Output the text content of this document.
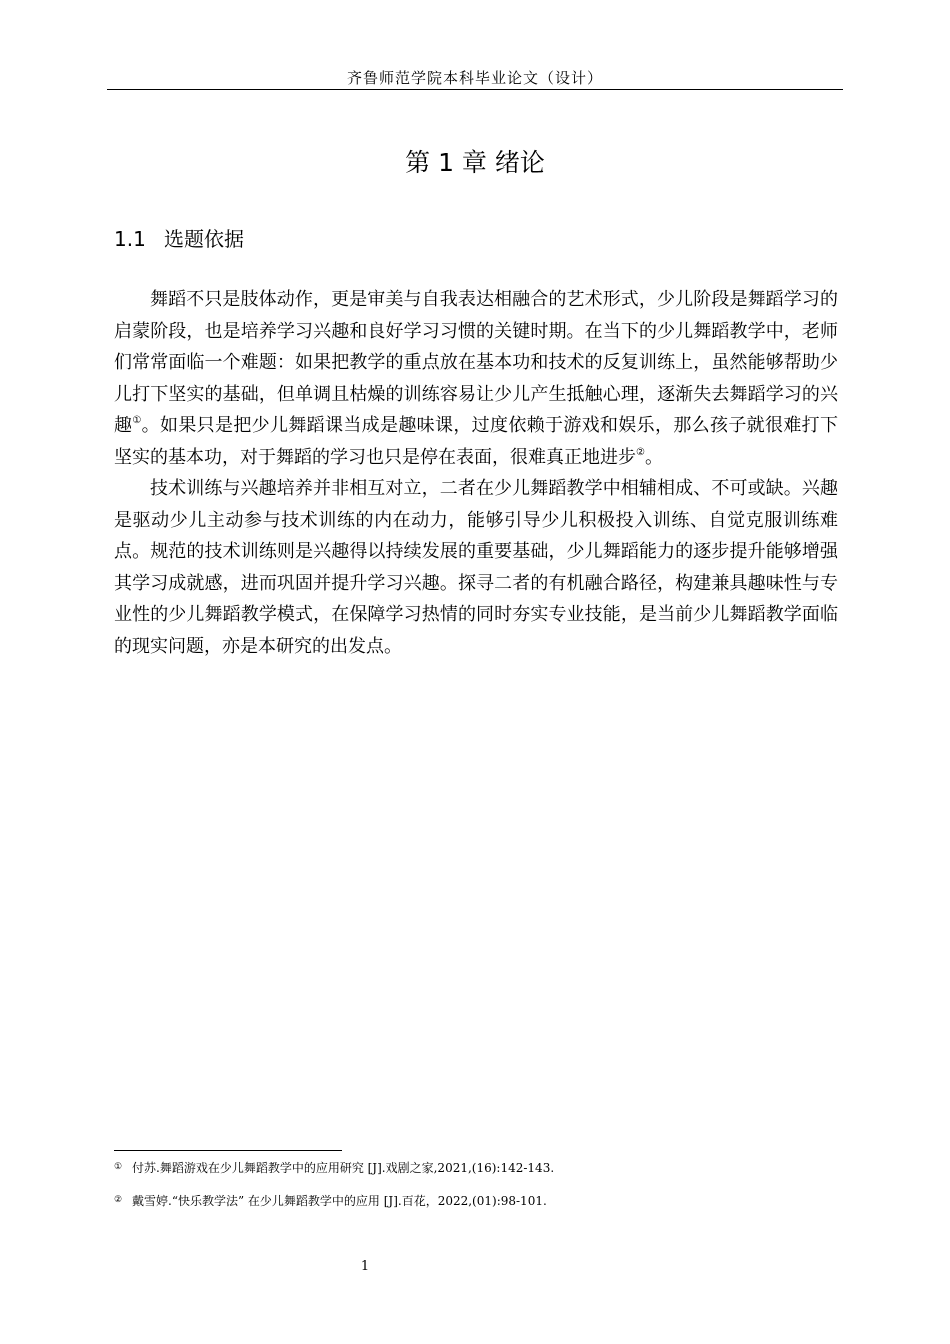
齐鲁师范学院本科毕业论文（设计）
第 1 章 绪论
1.1 选题依据

舞蹈不只是肢体动作，更是审美与自我表达相融合的艺术形式，少儿阶段是舞蹈学习的启蒙阶段，也是培养学习兴趣和良好学习习惯的关键时期。在当下的少儿舞蹈教学中，老师们常常面临一个难题：如果把教学的重点放在基本功和技术的反复训练上，虽然能够帮助少儿打下坚实的基础，但单调且枯燥的训练容易让少儿产生抵触心理，逐渐失去舞蹈学习的兴趣①。如果只是把少儿舞蹈课当成是趣味课，过度依赖于游戏和娱乐，那么孩子就很难打下坚实的基本功，对于舞蹈的学习也只是停在表面，很难真正地进步②。

技术训练与兴趣培养并非相互对立，二者在少儿舞蹈教学中相辅相成、不可或缺。兴趣是驱动少儿主动参与技术训练的内在动力，能够引导少儿积极投入训练、自觉克服训练难点。规范的技术训练则是兴趣得以持续发展的重要基础，少儿舞蹈能力的逐步提升能够增强其学习成就感，进而巩固并提升学习兴趣。探寻二者的有机融合路径，构建兼具趣味性与专业性的少儿舞蹈教学模式，在保障学习热情的同时夯实专业技能，是当前少儿舞蹈教学面临的现实问题，亦是本研究的出发点。

① 付苏.舞蹈游戏在少儿舞蹈教学中的应用研究 [J].戏剧之家,2021,(16):142-143.
② 戴雪婷.“快乐教学法” 在少儿舞蹈教学中的应用 [J].百花，2022,(01):98-101.
1
